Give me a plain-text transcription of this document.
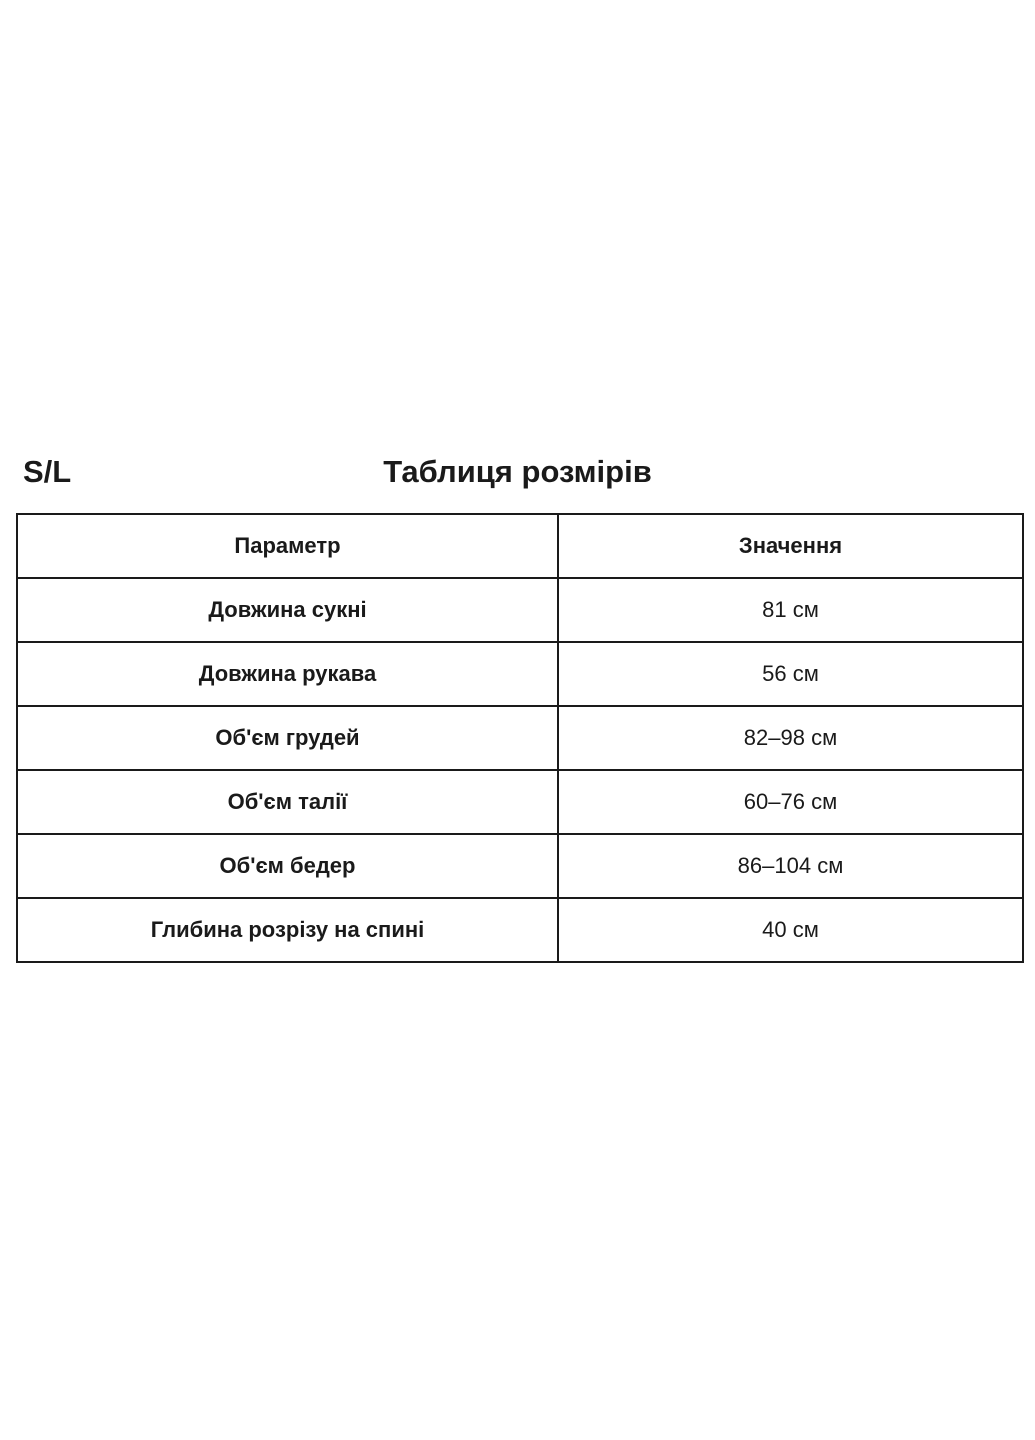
S/L	Таблиця розмірів
Параметр	Значення
Довжина сукні	81 см
Довжина рукава	56 см
Об'єм грудей	82–98 см
Об'єм талії	60–76 см
Об'єм бедер	86–104 см
Глибина розрізу на спині	40 см
